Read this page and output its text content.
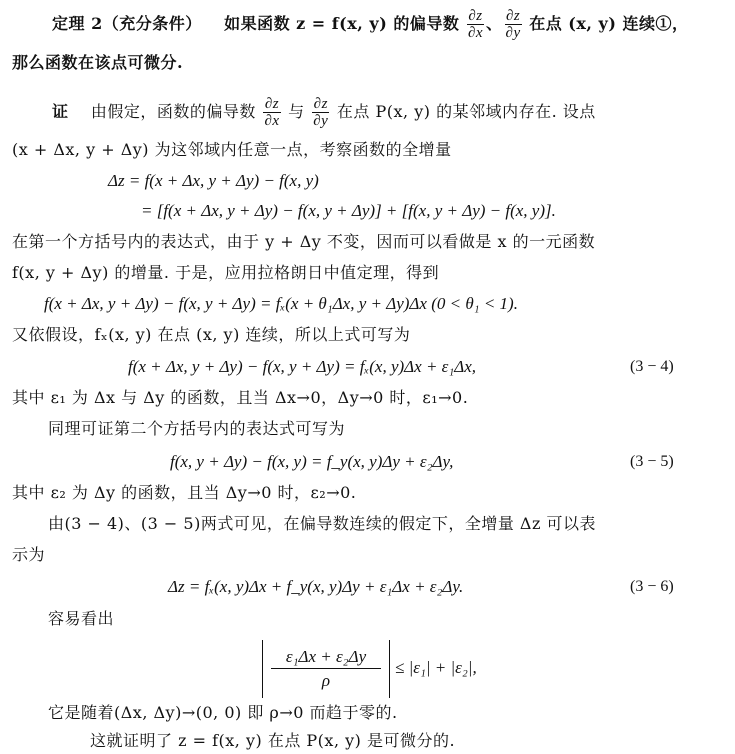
定理 2（充分条件） 如果函数 z = f(x, y) 的偏导数 $\frac{\partial z}{\partial x}$ 、 $\frac{\partial z}{\partial y}$ 在点 (x, y) 连续①，
那么函数在该点可微分.
证 由假定，函数的偏导数 $\frac{\partial z}{\partial x}$ 与 $\frac{\partial z}{\partial y}$ 在点 P(x, y) 的某邻域内存在. 设点
(x + Δx, y + Δy) 为这邻域内任意一点，考察函数的全增量
Δz = f(x + Δx, y + Δy) − f(x, y)
= [f(x + Δx, y + Δy) − f(x, y + Δy)] + [f(x, y + Δy) − f(x, y)].
在第一个方括号内的表达式，由于 y + Δy 不变，因而可以看做是 x 的一元函数
f(x, y + Δy) 的增量. 于是，应用拉格朗日中值定理，得到
f(x + Δx, y + Δy) − f(x, y + Δy) = fₓ(x + θ₁Δx, y + Δy)Δx (0 < θ₁ < 1).
又依假设，fₓ(x, y) 在点 (x, y) 连续，所以上式可写为
f(x + Δx, y + Δy) − f(x, y + Δy) = fₓ(x, y)Δx + ε₁Δx,	(3 − 4)
其中 ε₁ 为 Δx 与 Δy 的函数，且当 Δx→0，Δy→0 时，ε₁→0.
同理可证第二个方括号内的表达式可写为
f(x, y + Δy) − f(x, y) = f_y(x, y)Δy + ε₂Δy,	(3 − 5)
其中 ε₂ 为 Δy 的函数，且当 Δy→0 时，ε₂→0.
由(3 − 4)、(3 − 5)两式可见，在偏导数连续的假定下，全增量 Δz 可以表
示为
Δz = fₓ(x, y)Δx + f_y(x, y)Δy + ε₁Δx + ε₂Δy.	(3 − 6)
容易看出
$\frac{\text{ε₁Δx + ε₂Δy}}{\rho} \le |\varepsilon_1| + |\varepsilon_2|$,
它是随着(Δx, Δy)→(0, 0) 即 ρ→0 而趋于零的.
这就证明了 z = f(x, y) 在点 P(x, y) 是可微分的.
